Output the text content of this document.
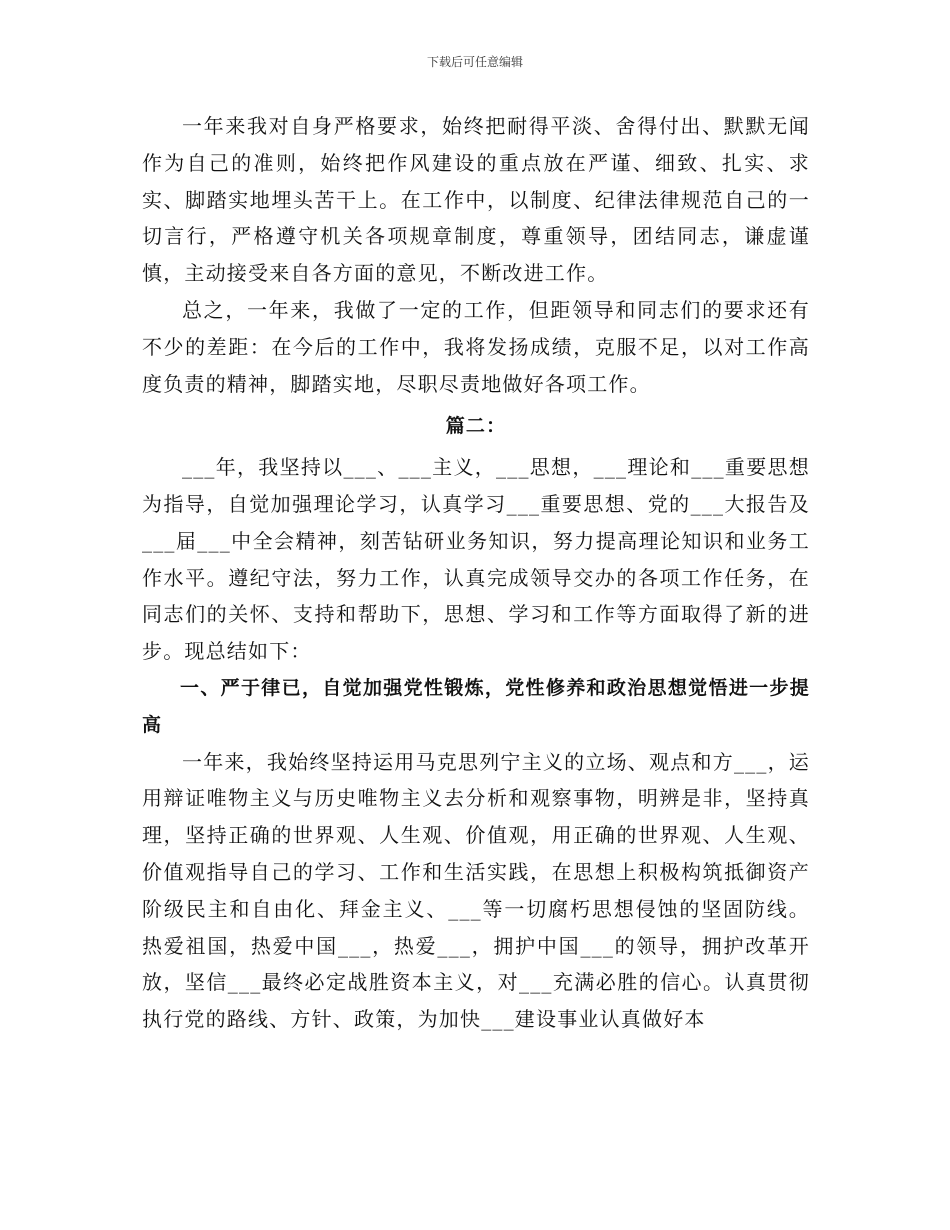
下载后可任意编辑

一年来我对自身严格要求，始终把耐得平淡、舍得付出、默默无闻作为自己的准则，始终把作风建设的重点放在严谨、细致、扎实、求实、脚踏实地埋头苦干上。在工作中，以制度、纪律法律规范自己的一切言行，严格遵守机关各项规章制度，尊重领导，团结同志，谦虚谨慎，主动接受来自各方面的意见，不断改进工作。

总之，一年来，我做了一定的工作，但距领导和同志们的要求还有不少的差距：在今后的工作中，我将发扬成绩，克服不足，以对工作高度负责的精神，脚踏实地，尽职尽责地做好各项工作。

篇二：

___年，我坚持以___、___主义，___思想，___理论和___重要思想为指导，自觉加强理论学习，认真学习___重要思想、党的___大报告及___届___中全会精神，刻苦钻研业务知识，努力提高理论知识和业务工作水平。遵纪守法，努力工作，认真完成领导交办的各项工作任务，在同志们的关怀、支持和帮助下，思想、学习和工作等方面取得了新的进步。现总结如下：

一、严于律已，自觉加强党性锻炼，党性修养和政治思想觉悟进一步提高

一年来，我始终坚持运用马克思列宁主义的立场、观点和方___，运用辩证唯物主义与历史唯物主义去分析和观察事物，明辨是非，坚持真理，坚持正确的世界观、人生观、价值观，用正确的世界观、人生观、价值观指导自己的学习、工作和生活实践，在思想上积极构筑抵御资产阶级民主和自由化、拜金主义、___等一切腐朽思想侵蚀的坚固防线。热爱祖国，热爱中国___，热爱___，拥护中国___的领导，拥护改革开放，坚信___最终必定战胜资本主义，对___充满必胜的信心。认真贯彻执行党的路线、方针、政策，为加快___建设事业认真做好本
